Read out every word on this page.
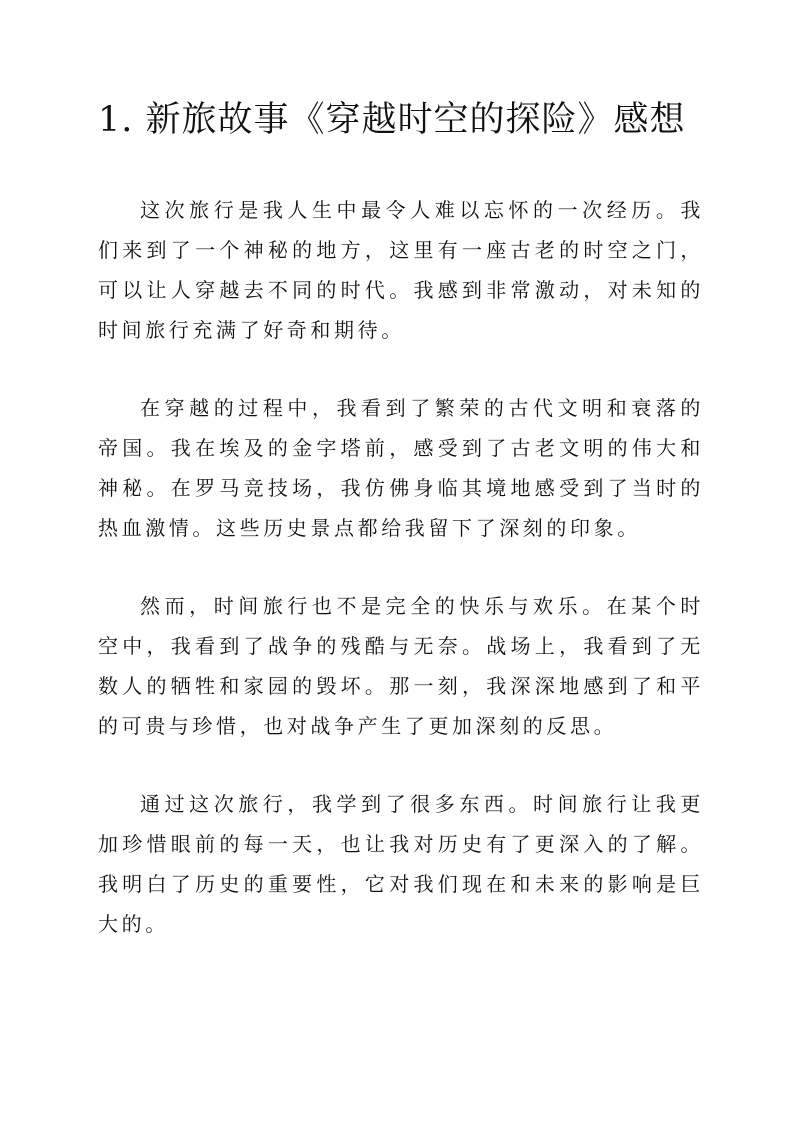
1. 新旅故事《穿越时空的探险》感想

这次旅行是我人生中最令人难以忘怀的一次经历。我们来到了一个神秘的地方，这里有一座古老的时空之门，可以让人穿越去不同的时代。我感到非常激动，对未知的时间旅行充满了好奇和期待。

在穿越的过程中，我看到了繁荣的古代文明和衰落的帝国。我在埃及的金字塔前，感受到了古老文明的伟大和神秘。在罗马竞技场，我仿佛身临其境地感受到了当时的热血激情。这些历史景点都给我留下了深刻的印象。

然而，时间旅行也不是完全的快乐与欢乐。在某个时空中，我看到了战争的残酷与无奈。战场上，我看到了无数人的牺牲和家园的毁坏。那一刻，我深深地感到了和平的可贵与珍惜，也对战争产生了更加深刻的反思。

通过这次旅行，我学到了很多东西。时间旅行让我更加珍惜眼前的每一天，也让我对历史有了更深入的了解。我明白了历史的重要性，它对我们现在和未来的影响是巨大的。
